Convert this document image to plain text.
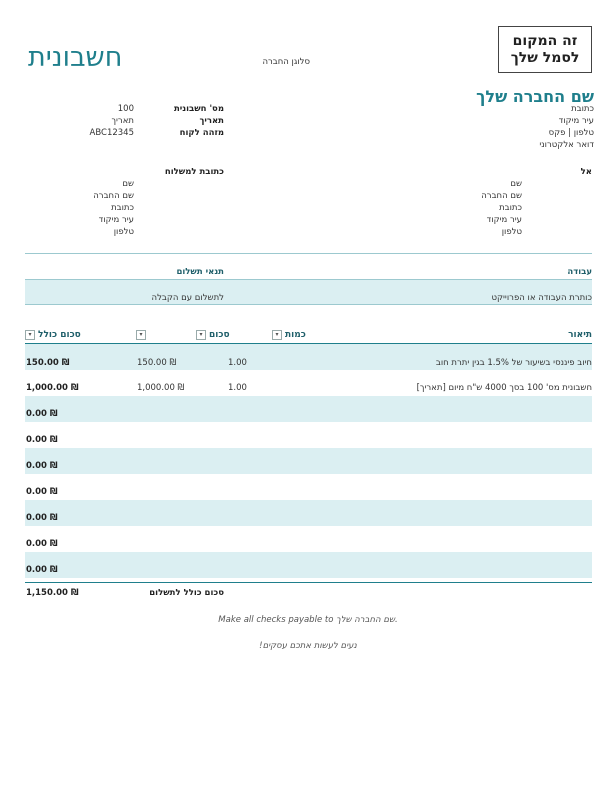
זה המקום
לסמל שלך
חשבונית	סלוגן החברה
שם החברה שלך
כתובת
עיר מיקוד
טלפון | פקס
דואר אלקטרוני
מס' חשבונית
תאריך
מזהה לקוח
100
תאריך
ABC12345
אל
שם
שם החברה
כתובת
עיר מיקוד
טלפון
כתובת למשלוח
שם
שם החברה
כתובת
עיר מיקוד
טלפון
עבודה
תנאי תשלום
כותרת העבודה או הפרוייקט
לתשלום עם הקבלה
תיאור
▾ כמות
▾ סכום
▾
▾ סכום כולל
חיוב פיננסי בשיעור של 1.5% בגין יתרת חוב
1.00
150.00 ₪
150.00 ₪
חשבונית מס' 100 בסך 4000 ש"ח מיום [תאריך]
1.00
1,000.00 ₪
1,000.00 ₪
0.00 ₪
0.00 ₪
0.00 ₪
0.00 ₪
0.00 ₪
0.00 ₪
0.00 ₪
סכום כולל לתשלום
1,150.00 ₪
Make all checks payable to שם החברה שלך.
נעים לעשות אתכם עסקים!
